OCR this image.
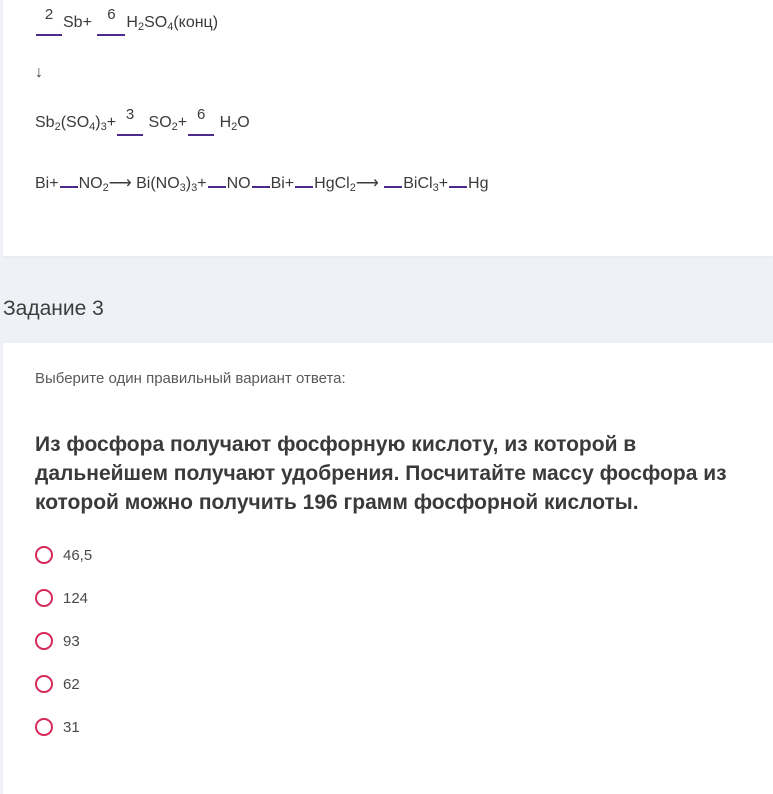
2 Sb+ 6 $H_2SO_4(конц)$
↓
$Sb_2(SO_4)_3+ 3$ $SO_2+ 6$ $H_2O$
$Bi+ NO_2⟶$ $Bi(NO_3)_3+$ NO Bi+ HgCl$_2$⟶ BiCl$_3$+ Hg
Задание 3
Выберите один правильный вариант ответа:
Из фосфора получают фосфорную кислоту, из которой в дальнейшем получают удобрения. Посчитайте массу фосфора из которой можно получить 196 грамм фосфорной кислоты.
46,5
124
93
62
31
